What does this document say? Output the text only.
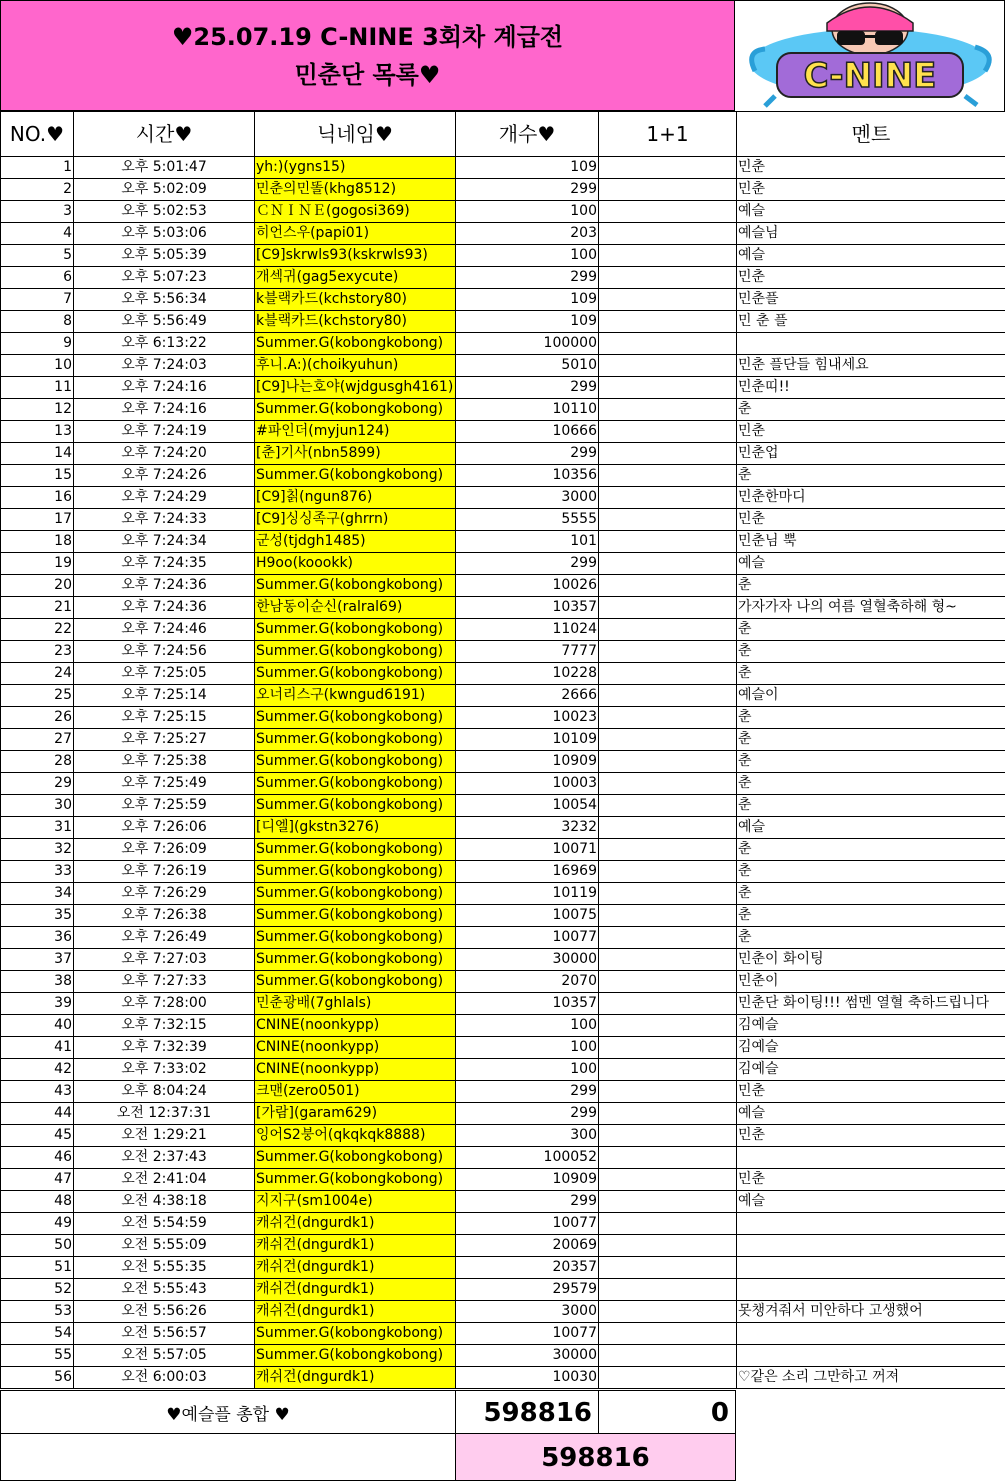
♥25.07.19 C-NINE 3회차 계급전
민춘단 목록♥	C-NINE
NO.♥	시간♥	닉네임♥	개수♥	1+1	멘트
1	오후 5:01:47	yh:)(ygns15)	109		민춘
2	오후 5:02:09	민춘의민똘(khg8512)	299		민춘
3	오후 5:02:53	ＣＮＩＮＥ(gogosi369)	100		예슬
4	오후 5:03:06	히언스우(papi01)	203		예슬님
5	오후 5:05:39	[C9]skrwls93(kskrwls93)	100		예슬
6	오후 5:07:23	개섹귀(gag5exycute)	299		민춘
7	오후 5:56:34	k블랙카드(kchstory80)	109		민춘플
8	오후 5:56:49	k블랙카드(kchstory80)	109		민 춘 플
9	오후 6:13:22	Summer.G(kobongkobong)	100000		
10	오후 7:24:03	후니.A:)(choikyuhun)	5010		민춘 플단들 힘내세요
11	오후 7:24:16	[C9]나는호야(wjdgusgh4161)	299		민춘띠!!
12	오후 7:24:16	Summer.G(kobongkobong)	10110		춘
13	오후 7:24:19	#파인더(myjun124)	10666		민춘
14	오후 7:24:20	[춘]기사(nbn5899)	299		민춘업
15	오후 7:24:26	Summer.G(kobongkobong)	10356		춘
16	오후 7:24:29	[C9]칡(ngun876)	3000		민춘한마디
17	오후 7:24:33	[C9]싱싱족구(ghrrn)	5555		민춘
18	오후 7:24:34	군성(tjdgh1485)	101		민춘님 뿍
19	오후 7:24:35	H9oo(koookk)	299		예슬
20	오후 7:24:36	Summer.G(kobongkobong)	10026		춘
21	오후 7:24:36	한남동이순신(ralral69)	10357		가자가자 나의 여름 열혈축하해 형~
22	오후 7:24:46	Summer.G(kobongkobong)	11024		춘
23	오후 7:24:56	Summer.G(kobongkobong)	7777		춘
24	오후 7:25:05	Summer.G(kobongkobong)	10228		춘
25	오후 7:25:14	오너리스구(kwngud6191)	2666		예슬이
26	오후 7:25:15	Summer.G(kobongkobong)	10023		춘
27	오후 7:25:27	Summer.G(kobongkobong)	10109		춘
28	오후 7:25:38	Summer.G(kobongkobong)	10909		춘
29	오후 7:25:49	Summer.G(kobongkobong)	10003		춘
30	오후 7:25:59	Summer.G(kobongkobong)	10054		춘
31	오후 7:26:06	[디엘](gkstn3276)	3232		예슬
32	오후 7:26:09	Summer.G(kobongkobong)	10071		춘
33	오후 7:26:19	Summer.G(kobongkobong)	16969		춘
34	오후 7:26:29	Summer.G(kobongkobong)	10119		춘
35	오후 7:26:38	Summer.G(kobongkobong)	10075		춘
36	오후 7:26:49	Summer.G(kobongkobong)	10077		춘
37	오후 7:27:03	Summer.G(kobongkobong)	30000		민춘이 화이팅
38	오후 7:27:33	Summer.G(kobongkobong)	2070		민춘이
39	오후 7:28:00	민춘광배(7ghlals)	10357		민춘단 화이팅!!! 썸멘 열혈 축하드립니다
40	오후 7:32:15	CNINE(noonkypp)	100		김예슬
41	오후 7:32:39	CNINE(noonkypp)	100		김예슬
42	오후 7:33:02	CNINE(noonkypp)	100		김예슬
43	오후 8:04:24	크맨(zero0501)	299		민춘
44	오전 12:37:31	[가람](garam629)	299		예슬
45	오전 1:29:21	잉어S2붕어(qkqkqk8888)	300		민춘
46	오전 2:37:43	Summer.G(kobongkobong)	100052		
47	오전 2:41:04	Summer.G(kobongkobong)	10909		민춘
48	오전 4:38:18	지지구(sm1004e)	299		예슬
49	오전 5:54:59	캐쉬건(dngurdk1)	10077		
50	오전 5:55:09	캐쉬건(dngurdk1)	20069		
51	오전 5:55:35	캐쉬건(dngurdk1)	20357		
52	오전 5:55:43	캐쉬건(dngurdk1)	29579		
53	오전 5:56:26	캐쉬건(dngurdk1)	3000		못챙겨줘서 미안하다 고생했어
54	오전 5:56:57	Summer.G(kobongkobong)	10077		
55	오전 5:57:05	Summer.G(kobongkobong)	30000		
56	오전 6:00:03	캐쉬건(dngurdk1)	10030		♡같은 소리 그만하고 꺼져
♥예슬플 총합 ♥	598816	0
598816
